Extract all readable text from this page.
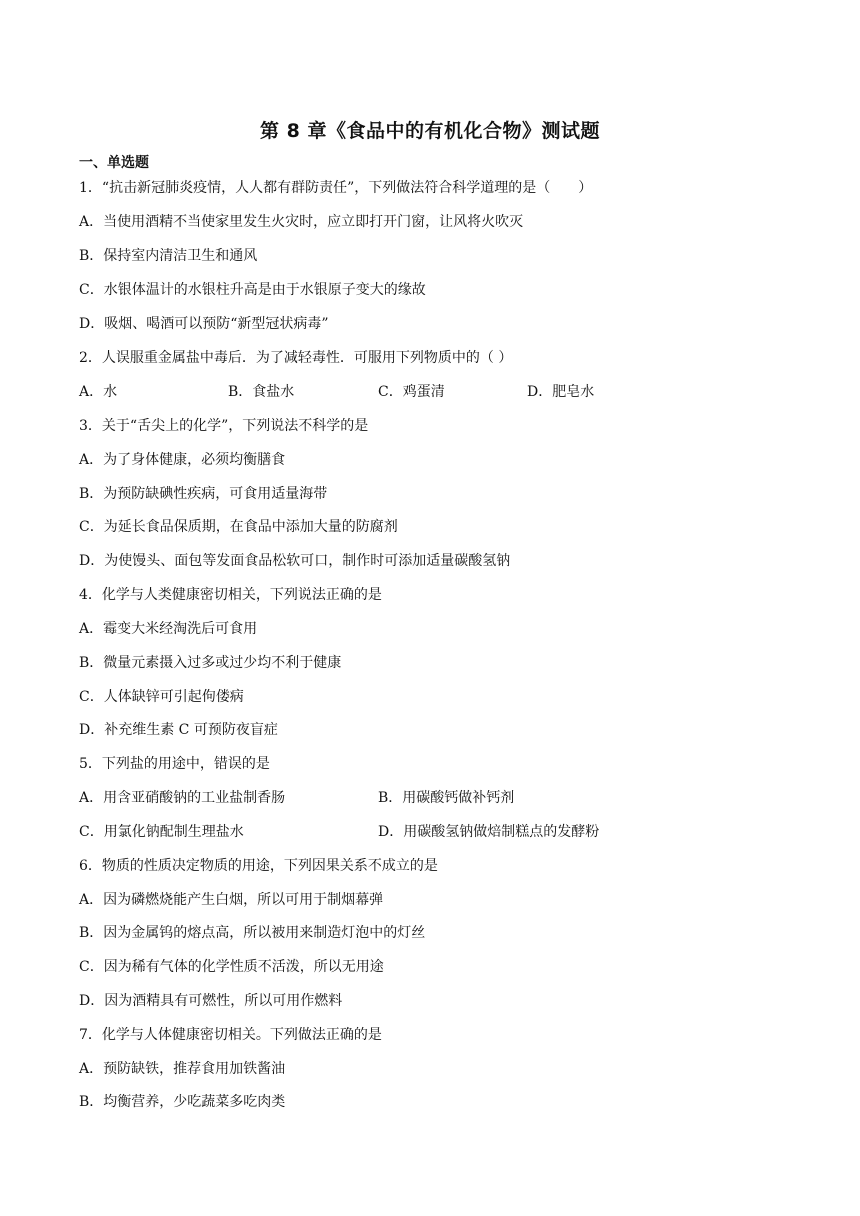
第 8 章《食品中的有机化合物》测试题
一、单选题
1．“抗击新冠肺炎疫情，人人都有群防责任”，下列做法符合科学道理的是（　　）
A．当使用酒精不当使家里发生火灾时，应立即打开门窗，让风将火吹灭
B．保持室内清洁卫生和通风
C．水银体温计的水银柱升高是由于水银原子变大的缘故
D．吸烟、喝酒可以预防“新型冠状病毒”
2．人误服重金属盐中毒后．为了减轻毒性．可服用下列物质中的（ ）
A．水	B．食盐水	C．鸡蛋清	D．肥皂水
3．关于“舌尖上的化学”，下列说法不科学的是
A．为了身体健康，必须均衡膳食
B．为预防缺碘性疾病，可食用适量海带
C．为延长食品保质期，在食品中添加大量的防腐剂
D．为使馒头、面包等发面食品松软可口，制作时可添加适量碳酸氢钠
4．化学与人类健康密切相关，下列说法正确的是
A．霉变大米经淘洗后可食用
B．微量元素摄入过多或过少均不利于健康
C．人体缺锌可引起佝偻病
D．补充维生素 C 可预防夜盲症
5．下列盐的用途中，错误的是
A．用含亚硝酸钠的工业盐制香肠	B．用碳酸钙做补钙剂
C．用氯化钠配制生理盐水	D．用碳酸氢钠做焙制糕点的发酵粉
6．物质的性质决定物质的用途，下列因果关系不成立的是
A．因为磷燃烧能产生白烟，所以可用于制烟幕弹
B．因为金属钨的熔点高，所以被用来制造灯泡中的灯丝
C．因为稀有气体的化学性质不活泼，所以无用途
D．因为酒精具有可燃性，所以可用作燃料
7．化学与人体健康密切相关。下列做法正确的是
A．预防缺铁，推荐食用加铁酱油
B．均衡营养，少吃蔬菜多吃肉类
